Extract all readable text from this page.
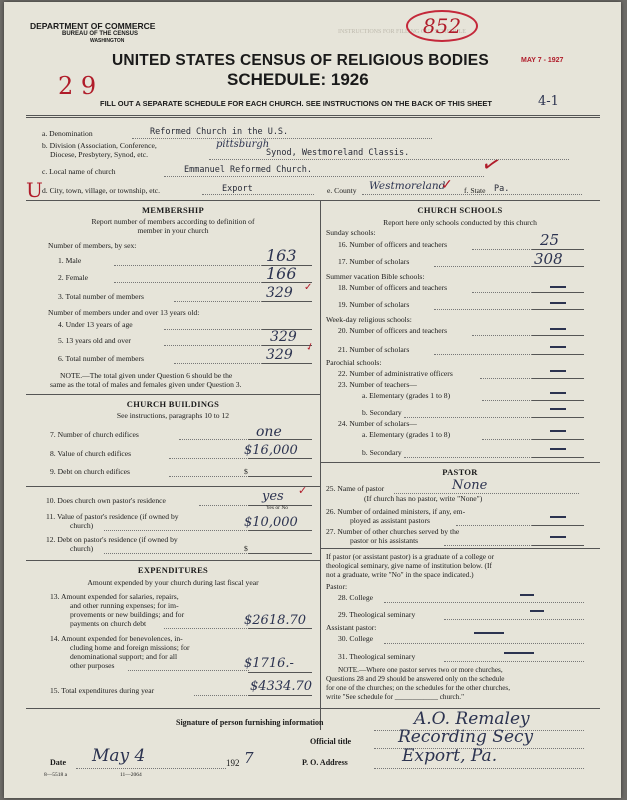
DEPARTMENT OF COMMERCE
BUREAU OF THE CENSUS
WASHINGTON
INSTRUCTIONS FOR FILLING OUT SCHEDULE
852
MAY 7 - 1927
UNITED STATES CENSUS OF RELIGIOUS BODIES
SCHEDULE: 1926
2 9
FILL OUT A SEPARATE SCHEDULE FOR EACH CHURCH. SEE INSTRUCTIONS ON THE BACK OF THIS SHEET	4-1
a. Denomination	Reformed Church in the U.S.
b. Division (Association, Conference,
Diocese, Presbytery, Synod, etc.
pittsburgh
Synod, Westmoreland Classis.
c. Local name of church	Emmanuel Reformed Church.	✓
U d. City, town, village, or township, etc.	Export	e. County Westmoreland
✓ f. State Pa.
MEMBERSHIP
Report number of members according to definition of
member in your church
Number of members, by sex:
1. Male	163
2. Female	166
3. Total number of members	329 ✓
Number of members under and over 13 years old:
4. Under 13 years of age
5. 13 years old and over	329
6. Total number of members	329 ✓
NOTE.—The total given under Question 6 should be the
same as the total of males and females given under Question 3.
CHURCH BUILDINGS
See instructions, paragraphs 10 to 12
7. Number of church edifices	one
8. Value of church edifices	$16,000
9. Debt on church edifices	$
10. Does church own pastor's residence	yes ✓
Yes or No
11. Value of pastor's residence (if owned by
church)	$10,000
12. Debt on pastor's residence (if owned by
church)	$
EXPENDITURES
Amount expended by your church during last fiscal year
13. Amount expended for salaries, repairs,
and other running expenses; for im-
provements or new buildings; and for
payments on church debt	$2618.70
14. Amount expended for benevolences, in-
cluding home and foreign missions; for
denominational support; and for all
other purposes	$1716.-
15. Total expenditures during year	$4334.70
CHURCH SCHOOLS
Report here only schools conducted by this church
Sunday schools:
16. Number of officers and teachers	25
17. Number of scholars	308
Summer vacation Bible schools:
18. Number of officers and teachers
19. Number of scholars
Week-day religious schools:
20. Number of officers and teachers
21. Number of scholars
Parochial schools:
22. Number of administrative officers
23. Number of teachers—
a. Elementary (grades 1 to 8)
b. Secondary
24. Number of scholars—
a. Elementary (grades 1 to 8)
b. Secondary
PASTOR
25. Name of pastor	None
(If church has no pastor, write "None")
26. Number of ordained ministers, if any, em-
ployed as assistant pastors
27. Number of other churches served by the
pastor or his assistants
If pastor (or assistant pastor) is a graduate of a college or
theological seminary, give name of institution below. (If
not a graduate, write "No" in the space indicated.)
Pastor:
28. College
29. Theological seminary
Assistant pastor:
30. College
31. Theological seminary
NOTE.—Where one pastor serves two or more churches,
Questions 28 and 29 should be answered only on the schedule
for one of the churches; on the schedules for the other churches,
write "See schedule for ____________ church."
Signature of person furnishing information	A.O. Remaley
Official title	Recording Secy
Date May 4	192 7	P. O. Address	Export, Pa.
8—5518 a	11—2064
